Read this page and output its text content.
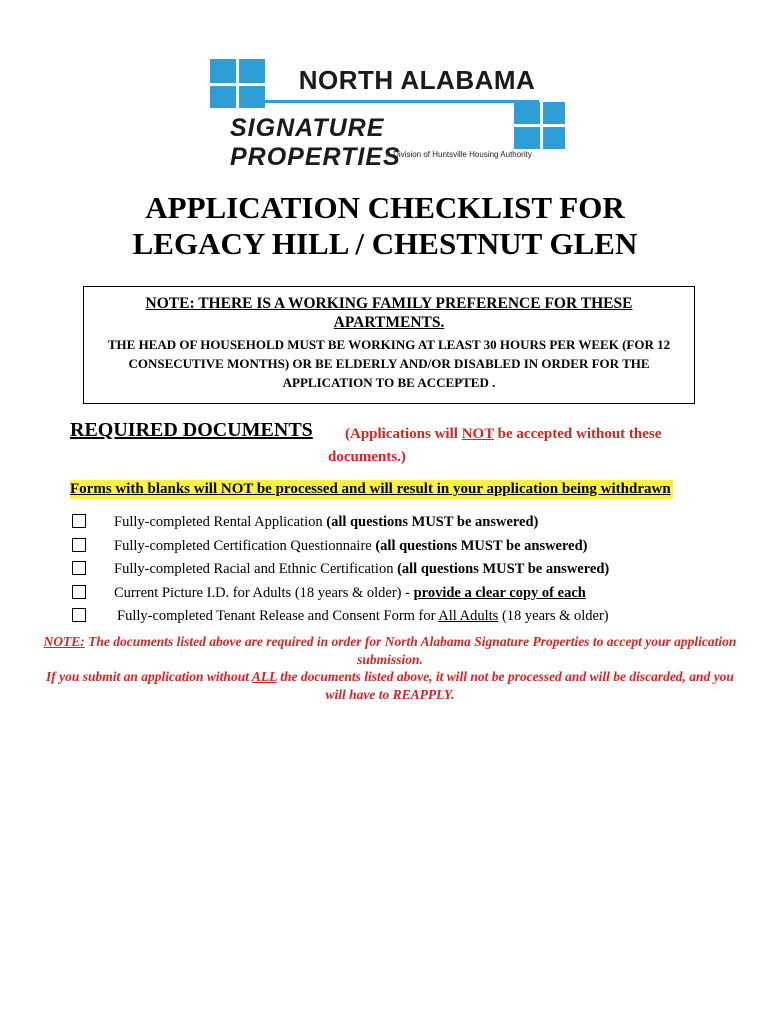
NORTH ALABAMA
SIGNATURE PROPERTIES
A Division of Huntsville Housing Authority
APPLICATION CHECKLIST FOR
LEGACY HILL / CHESTNUT GLEN
NOTE: THERE IS A WORKING FAMILY PREFERENCE FOR THESE APARTMENTS.
THE HEAD OF HOUSEHOLD MUST BE WORKING AT LEAST 30 HOURS PER WEEK (FOR 12 CONSECUTIVE MONTHS) OR BE ELDERLY AND/OR DISABLED IN ORDER FOR THE APPLICATION TO BE ACCEPTED .
REQUIRED DOCUMENTS (Applications will NOT be accepted without these
documents.)
Forms with blanks will NOT be processed and will result in your application being withdrawn
Fully-completed Rental Application (all questions MUST be answered)
Fully-completed Certification Questionnaire (all questions MUST be answered)
Fully-completed Racial and Ethnic Certification (all questions MUST be answered)
Current Picture I.D. for Adults (18 years & older) - provide a clear copy of each
Fully-completed Tenant Release and Consent Form for All Adults (18 years & older)
NOTE: The documents listed above are required in order for North Alabama Signature Properties to accept your application submission.
If you submit an application without ALL the documents listed above, it will not be processed and will be discarded, and you will have to REAPPLY.
